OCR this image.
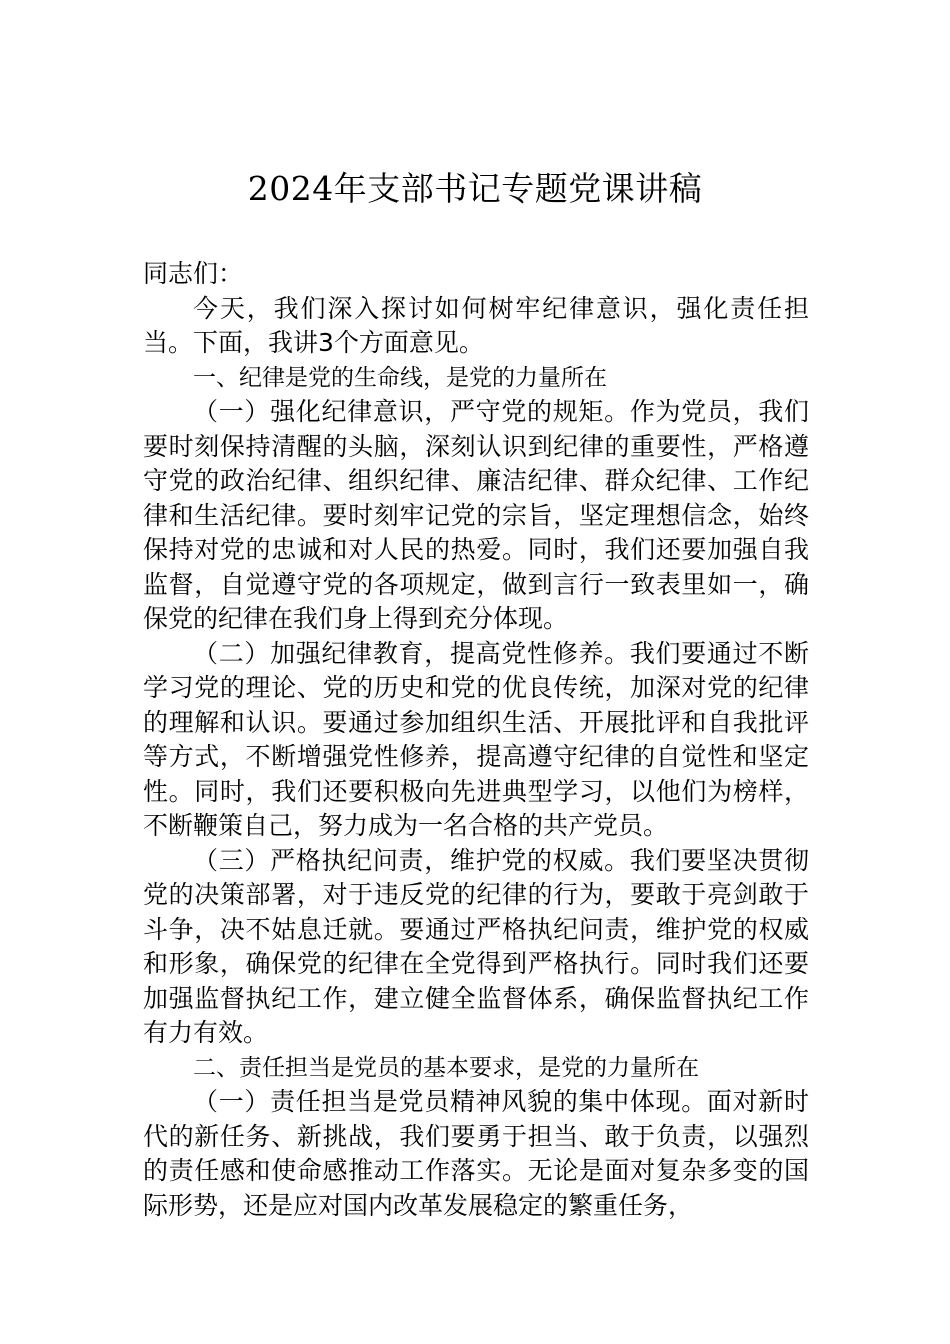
2024年支部书记专题党课讲稿

同志们：

今天，我们深入探讨如何树牢纪律意识，强化责任担当。下面，我讲3个方面意见。

一、纪律是党的生命线，是党的力量所在

（一）强化纪律意识，严守党的规矩。作为党员，我们要时刻保持清醒的头脑，深刻认识到纪律的重要性，严格遵守党的政治纪律、组织纪律、廉洁纪律、群众纪律、工作纪律和生活纪律。要时刻牢记党的宗旨，坚定理想信念，始终保持对党的忠诚和对人民的热爱。同时，我们还要加强自我监督，自觉遵守党的各项规定，做到言行一致表里如一，确保党的纪律在我们身上得到充分体现。

（二）加强纪律教育，提高党性修养。我们要通过不断学习党的理论、党的历史和党的优良传统，加深对党的纪律的理解和认识。要通过参加组织生活、开展批评和自我批评等方式，不断增强党性修养，提高遵守纪律的自觉性和坚定性。同时，我们还要积极向先进典型学习，以他们为榜样，不断鞭策自己，努力成为一名合格的共产党员。

（三）严格执纪问责，维护党的权威。我们要坚决贯彻党的决策部署，对于违反党的纪律的行为，要敢于亮剑敢于斗争，决不姑息迁就。要通过严格执纪问责，维护党的权威和形象，确保党的纪律在全党得到严格执行。同时我们还要加强监督执纪工作，建立健全监督体系，确保监督执纪工作有力有效。

二、责任担当是党员的基本要求，是党的力量所在

（一）责任担当是党员精神风貌的集中体现。面对新时代的新任务、新挑战，我们要勇于担当、敢于负责，以强烈的责任感和使命感推动工作落实。无论是面对复杂多变的国际形势，还是应对国内改革发展稳定的繁重任务，
